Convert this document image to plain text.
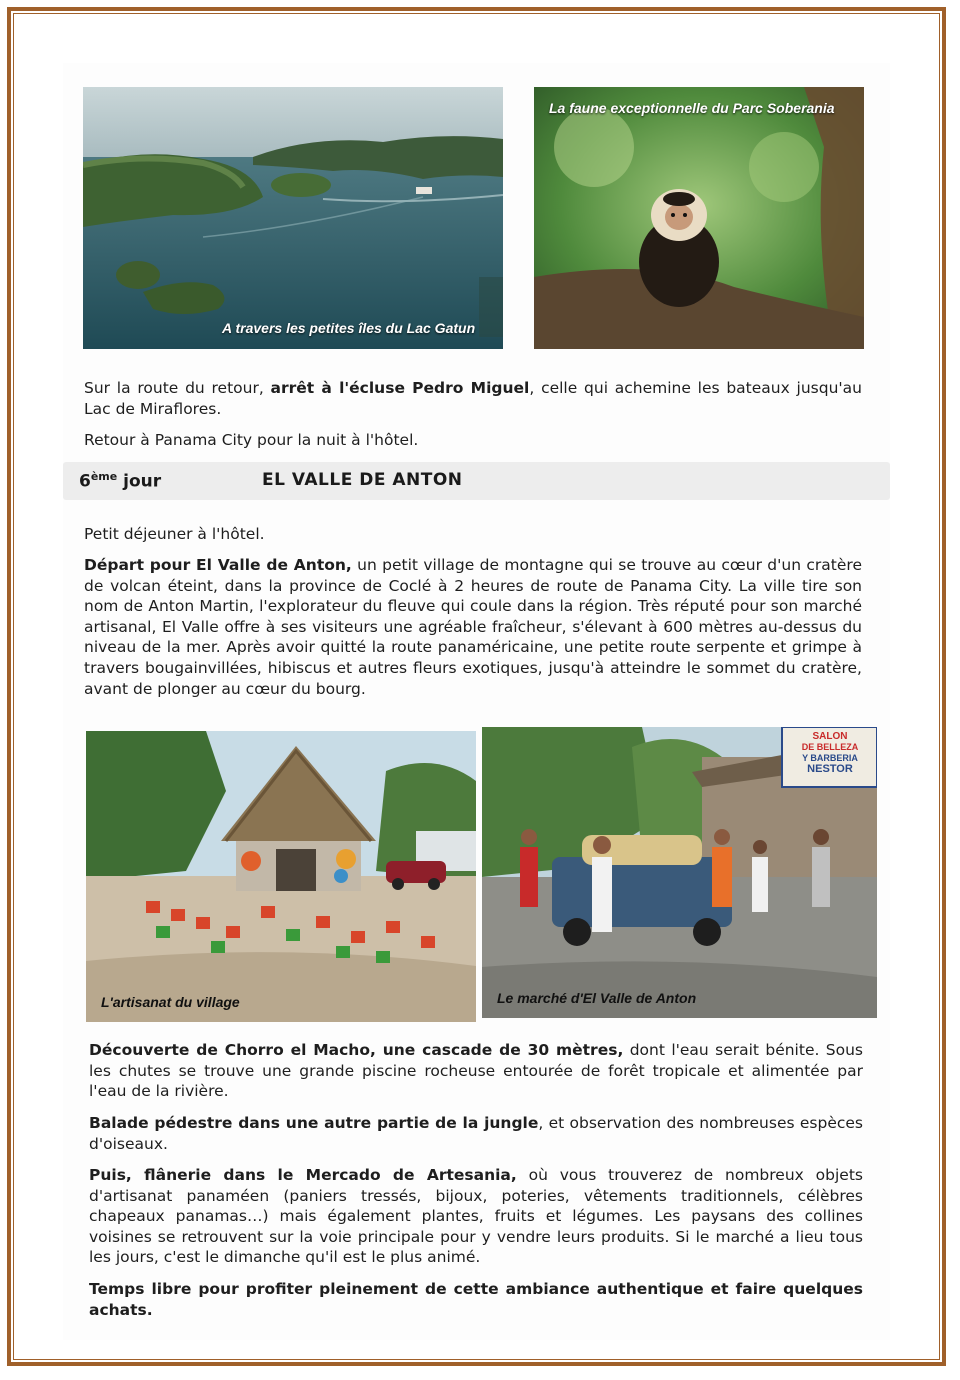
A travers les petites îles du Lac Gatun
La faune exceptionnelle du Parc Soberania

Sur la route du retour, arrêt à l'écluse Pedro Miguel, celle qui achemine les bateaux jusqu'au Lac de Miraflores.

Retour à Panama City pour la nuit à l'hôtel.

6ème jour	EL VALLE DE ANTON

Petit déjeuner à l'hôtel.

Départ pour El Valle de Anton, un petit village de montagne qui se trouve au cœur d'un cratère de volcan éteint, dans la province de Coclé à 2 heures de route de Panama City. La ville tire son nom de Anton Martin, l'explorateur du fleuve qui coule dans la région. Très réputé pour son marché artisanal, El Valle offre à ses visiteurs une agréable fraîcheur, s'élevant à 600 mètres au-dessus du niveau de la mer. Après avoir quitté la route panaméricaine, une petite route serpente et grimpe à travers bougainvillées, hibiscus et autres fleurs exotiques, jusqu'à atteindre le sommet du cratère, avant de plonger au cœur du bourg.

L'artisanat du village
SALON
DE BELLEZA
Y BARBERIA
NESTOR
Le marché d'El Valle de Anton

Découverte de Chorro el Macho, une cascade de 30 mètres, dont l'eau serait bénite. Sous les chutes se trouve une grande piscine rocheuse entourée de forêt tropicale et alimentée par l'eau de la rivière.

Balade pédestre dans une autre partie de la jungle, et observation des nombreuses espèces d'oiseaux.

Puis, flânerie dans le Mercado de Artesania, où vous trouverez de nombreux objets d'artisanat panaméen (paniers tressés, bijoux, poteries, vêtements traditionnels, célèbres chapeaux panamas…) mais également plantes, fruits et légumes. Les paysans des collines voisines se retrouvent sur la voie principale pour y vendre leurs produits. Si le marché a lieu tous les jours, c'est le dimanche qu'il est le plus animé.

Temps libre pour profiter pleinement de cette ambiance authentique et faire quelques achats.
